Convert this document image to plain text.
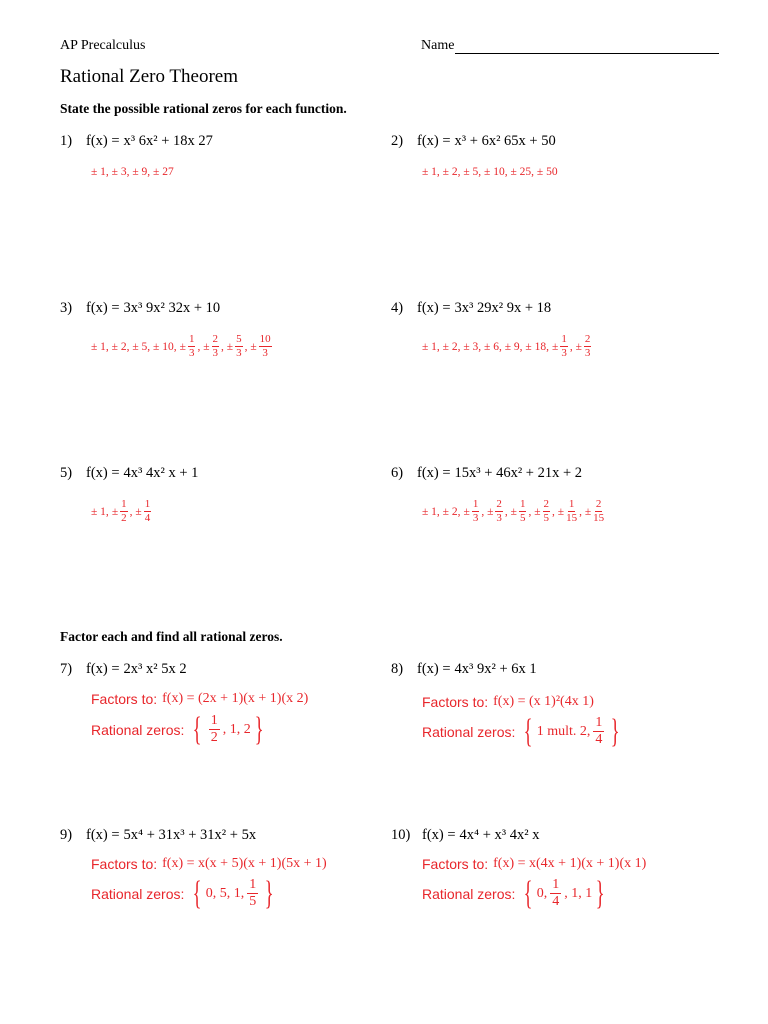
AP Precalculus	Name
Rational Zero Theorem
State the possible rational zeros for each function.
1) f(x) = x³ 6x² + 18x 27
± 1, ± 3, ± 9, ± 27
2) f(x) = x³ + 6x² 65x + 50
± 1, ± 2, ± 5, ± 10, ± 25, ± 50
3) f(x) = 3x³ 9x² 32x + 10
± 1, ± 2, ± 5, ± 10, ± $\frac{1}{3}$ , ± $\frac{2}{3}$ , ± $\frac{5}{3}$ , ± $\frac{10}{3}$
4) f(x) = 3x³ 29x² 9x + 18
± 1, ± 2, ± 3, ± 6, ± 9, ± 18, ± $\frac{1}{3}$ , ± $\frac{2}{3}$
5) f(x) = 4x³ 4x² x + 1
± 1, ± $\frac{1}{2}$ , ± $\frac{1}{4}$
6) f(x) = 15x³ + 46x² + 21x + 2
± 1, ± 2, ± $\frac{1}{3}$ , ± $\frac{2}{3}$ , ± $\frac{1}{5}$ , ± $\frac{2}{5}$ , ± $\frac{1}{15}$ , ± $\frac{2}{15}$
Factor each and find all rational zeros.
7) f(x) = 2x³ x² 5x 2
Factors to: f(x) = (2x + 1)(x + 1)(x 2)
Rational zeros: { $\frac{1}{2}$ , 1, 2 }
8) f(x) = 4x³ 9x² + 6x 1
Factors to: f(x) = (x 1)²(4x 1)
Rational zeros: { 1 mult. 2, $\frac{1}{4}$ }
9) f(x) = 5x⁴ + 31x³ + 31x² + 5x
Factors to: f(x) = x(x + 5)(x + 1)(5x + 1)
Rational zeros: { 0, 5, 1, $\frac{1}{5}$ }
10) f(x) = 4x⁴ + x³ 4x² x
Factors to: f(x) = x(4x + 1)(x + 1)(x 1)
Rational zeros: { 0, $\frac{1}{4}$ , 1, 1 }
